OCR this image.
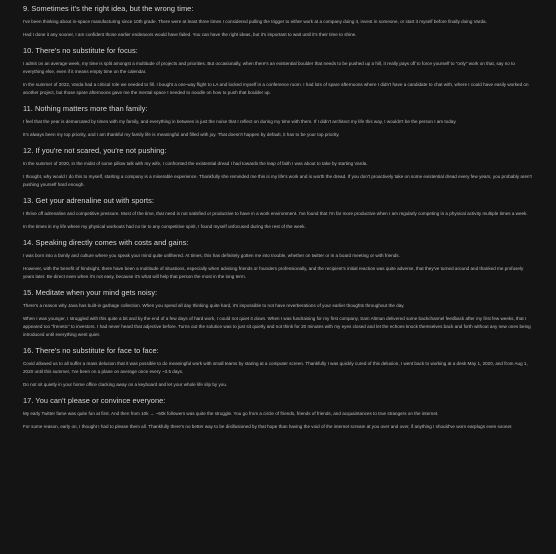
9. Sometimes it's the right idea, but the wrong time:

I've been thinking about in-space manufacturing since 10th grade. There were at least three times I considered pulling the trigger to either work at a company doing it, invest in someone, or start it myself before finally doing Varda.

Had I done it any sooner, I am confident those earlier endeavors would have failed. You can have the right ideas, but it's important to wait until it's their time to shine.

10. There's no substitute for focus:

I admit on an average week, my time is split amongst a multitude of projects and priorities. But occasionally, when there's an existential boulder that needs to be pushed up a hill, it really pays off to force yourself to "only" work on that, say no to everything else, even if it means empty time on the calendar.

In the summer of 2022, Varda had a critical role we needed to fill. I bought a one-way flight to LA and locked myself in a conference room. I had lots of spare afternoons where I didn't have a candidate to chat with, where I could have easily worked on another project, but those spare afternoons gave me the mental space I needed to noodle on how to push that boulder up.

11. Nothing matters more than family:

I feel that the year is demarcated by times with my family, and everything in between is just the noise that I reflect on during my time with them. If I didn't architect my life this way, I wouldn't be the person I am today.

It's always been my top priority, and I am thankful my family life is meaningful and filled with joy. That doesn't happen by default, it has to be your top priority.

12. If you're not scared, you're not pushing:

In the summer of 2020, in the midst of some pillow talk with my wife, I confronted the existential dread I had towards the leap of faith I was about to take by starting Varda.

I thought, why would I do this to myself, starting a company is a miserable experience. Thankfully she reminded me this is my life's work and is worth the dread. If you don't proactively take on some existential dread every few years, you probably aren't pushing yourself hard enough.

13. Get your adrenaline out with sports:

I thrive off adrenaline and competitive pressure. Most of the time, that need is not satisfied or productive to have in a work environment. I've found that I'm far more productive when I am regularly competing in a physical activity multiple times a week.

In the times in my life where my physical workouts had no tie to any competitive spirit, I found myself unfocused during the rest of the week.

14. Speaking directly comes with costs and gains:

I was born into a family and culture where you speak your mind quite unfiltered. At times, this has definitely gotten me into trouble, whether on twitter or in a board meeting or with friends.

However, with the benefit of hindsight, there have been a multitude of situations, especially when advising friends or founders professionally, and the recipient's initial reaction was quite adverse, that they've turned around and thanked me profusely years later. Be direct even when it's not easy, because it's what will help that person the most in the long term.

15. Meditate when your mind gets noisy:

There's a reason why Java has built-in garbage collection. When you spend all day thinking quite hard, it's impossible to not have reverberations of your earlier thoughts throughout the day.

When I was younger, I struggled with this quite a bit and by the end of a few days of hard work, I could not quiet it down. When I was fundraising for my first company, Sam Altman delivered some backchannel feedback after my first few weeks, that I appeared too "frenetic" to investors. I had never heard that adjective before. Turns out the solution was to just sit quietly and not think for 20 minutes with my eyes closed and let the echoes knock themselves back and forth without any new ones being introduced until everything went quiet.

16. There's no substitute for face to face:

Covid allowed us to all suffer a mass delusion that it was possible to do meaningful work with small teams by staring at a computer screen. Thankfully I was quickly cured of this delusion, I went back to working at a desk May 1, 2020, and from Aug 1, 2020 until this summer, I've been on a plane on average once every ~3.5 days.

Do not sit quietly in your home office clacking away on a keyboard and let your whole life slip by you.

17. You can't please or convince everyone:

My early Twitter fame was quite fun at first. And then from 10k → ~50k followers was quite the struggle. You go from a circle of friends, friends of friends, and acquaintances to true strangers on the internet.

For some reason, early on, I thought I had to please them all. Thankfully there's no better way to be disillusioned by that hope than having the void of the internet scream at you over and over, if anything I should've worn earplugs even sooner.
